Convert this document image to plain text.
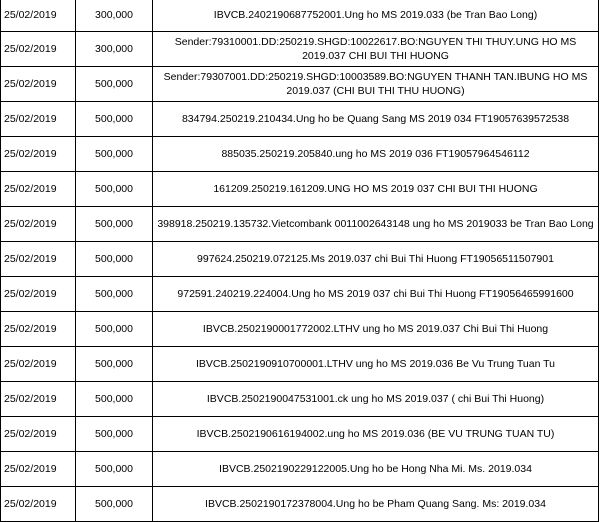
25/02/2019	300,000	IBVCB.2402190687752001.Ung ho MS 2019.033 (be Tran Bao Long)
25/02/2019	300,000	Sender:79310001.DD:250219.SHGD:10022617.BO:NGUYEN THI THUY.UNG HO MS 2019.037 CHI BUI THI HUONG
25/02/2019	500,000	Sender:79307001.DD:250219.SHGD:10003589.BO:NGUYEN THANH TAN.IBUNG HO MS 2019.037 (CHI BUI THI THU HUONG)
25/02/2019	500,000	834794.250219.210434.Ung ho be Quang Sang MS 2019 034 FT19057639572538
25/02/2019	500,000	885035.250219.205840.ung ho MS 2019 036 FT19057964546112
25/02/2019	500,000	161209.250219.161209.UNG HO MS 2019 037 CHI BUI THI HUONG
25/02/2019	500,000	398918.250219.135732.Vietcombank 0011002643148 ung ho MS 2019033 be Tran Bao Long
25/02/2019	500,000	997624.250219.072125.Ms 2019.037 chi Bui Thi Huong FT19056511507901
25/02/2019	500,000	972591.240219.224004.Ung ho MS 2019 037 chi Bui Thi Huong FT19056465991600
25/02/2019	500,000	IBVCB.2502190001772002.LTHV ung ho MS 2019.037 Chi Bui Thi Huong
25/02/2019	500,000	IBVCB.2502190910700001.LTHV ung ho MS 2019.036 Be Vu Trung Tuan Tu
25/02/2019	500,000	IBVCB.2502190047531001.ck ung ho MS 2019.037 ( chi Bui Thi Huong)
25/02/2019	500,000	IBVCB.2502190616194002.ung ho MS 2019.036 (BE VU TRUNG TUAN TU)
25/02/2019	500,000	IBVCB.2502190229122005.Ung ho be Hong Nha Mi. Ms. 2019.034
25/02/2019	500,000	IBVCB.2502190172378004.Ung ho be Pham Quang Sang. Ms: 2019.034
